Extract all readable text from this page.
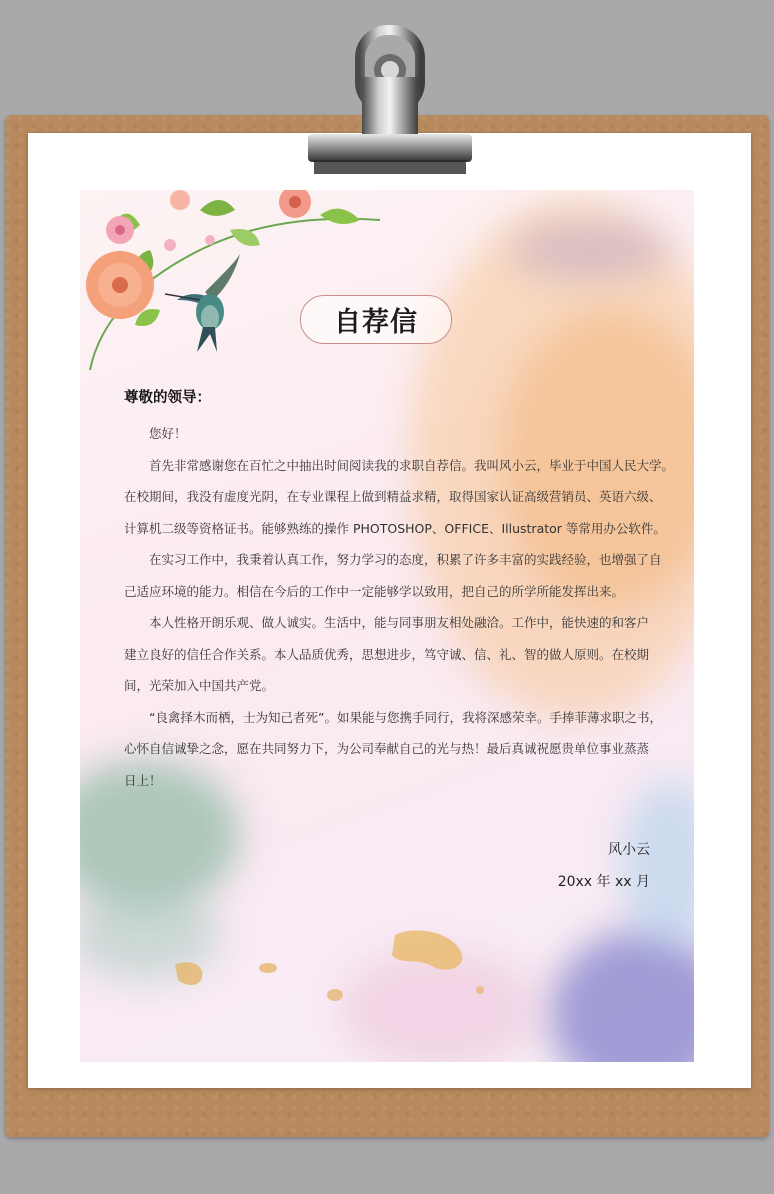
自荐信
尊敬的领导：

　　您好！

　　首先非常感谢您在百忙之中抽出时间阅读我的求职自荐信。我叫风小云，毕业于中国人民大学。

在校期间，我没有虚度光阴，在专业课程上做到精益求精，取得国家认证高级营销员、英语六级、

计算机二级等资格证书。能够熟练的操作 PHOTOSHOP、OFFICE、Illustrator 等常用办公软件。

　　在实习工作中，我秉着认真工作，努力学习的态度，积累了许多丰富的实践经验，也增强了自

己适应环境的能力。相信在今后的工作中一定能够学以致用，把自己的所学所能发挥出来。

　　本人性格开朗乐观、做人诚实。生活中，能与同事朋友相处融洽。工作中，能快速的和客户

建立良好的信任合作关系。本人品质优秀，思想进步，笃守诚、信、礼、智的做人原则。在校期

间，光荣加入中国共产党。

　　“良禽择木而栖，士为知己者死”。如果能与您携手同行，我将深感荣幸。手捧菲薄求职之书，

心怀自信诚挚之念，愿在共同努力下，为公司奉献自己的光与热！最后真诚祝愿贵单位事业蒸蒸

日上！

风小云
20xx 年 xx 月
